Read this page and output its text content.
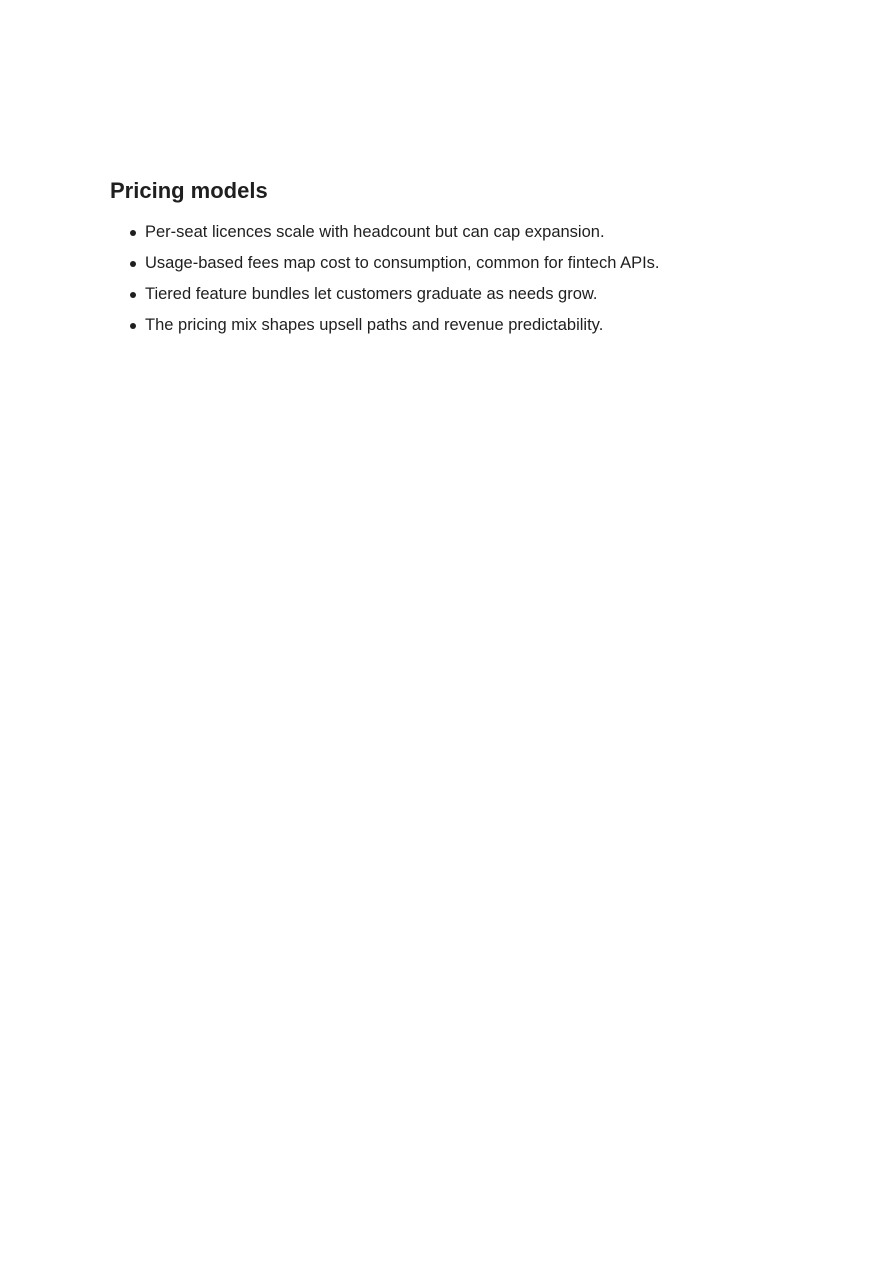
Pricing models
Per-seat licences scale with headcount but can cap expansion.
Usage-based fees map cost to consumption, common for fintech APIs.
Tiered feature bundles let customers graduate as needs grow.
The pricing mix shapes upsell paths and revenue predictability.
